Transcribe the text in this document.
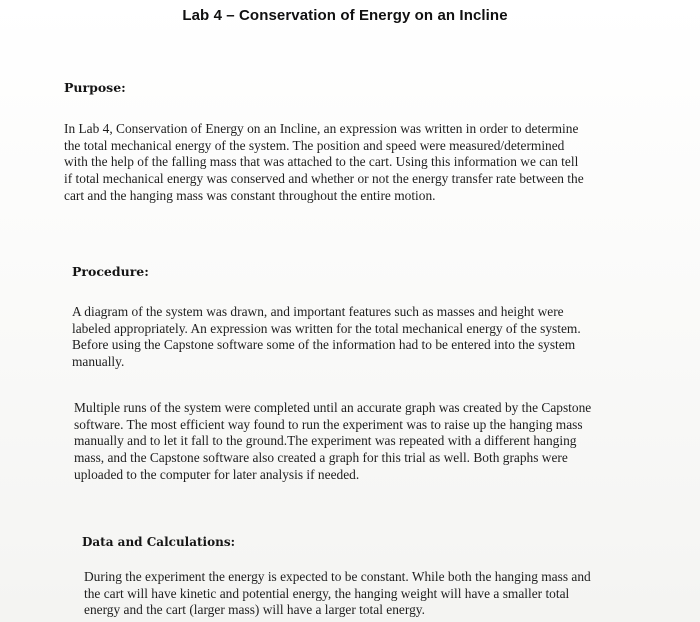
Lab 4 – Conservation of Energy on an Incline
Purpose:
In Lab 4, Conservation of Energy on an Incline, an expression was written in order to determine
the total mechanical energy of the system. The position and speed were measured/determined
with the help of the falling mass that was attached to the cart. Using this information we can tell
if total mechanical energy was conserved and whether or not the energy transfer rate between the
cart and the hanging mass was constant throughout the entire motion.
Procedure:
A diagram of the system was drawn, and important features such as masses and height were
labeled appropriately. An expression was written for the total mechanical energy of the system.
Before using the Capstone software some of the information had to be entered into the system
manually.
Multiple runs of the system were completed until an accurate graph was created by the Capstone
software. The most efficient way found to run the experiment was to raise up the hanging mass
manually and to let it fall to the ground.The experiment was repeated with a different hanging
mass, and the Capstone software also created a graph for this trial as well. Both graphs were
uploaded to the computer for later analysis if needed.
Data and Calculations:
During the experiment the energy is expected to be constant. While both the hanging mass and
the cart will have kinetic and potential energy, the hanging weight will have a smaller total
energy and the cart (larger mass) will have a larger total energy.
